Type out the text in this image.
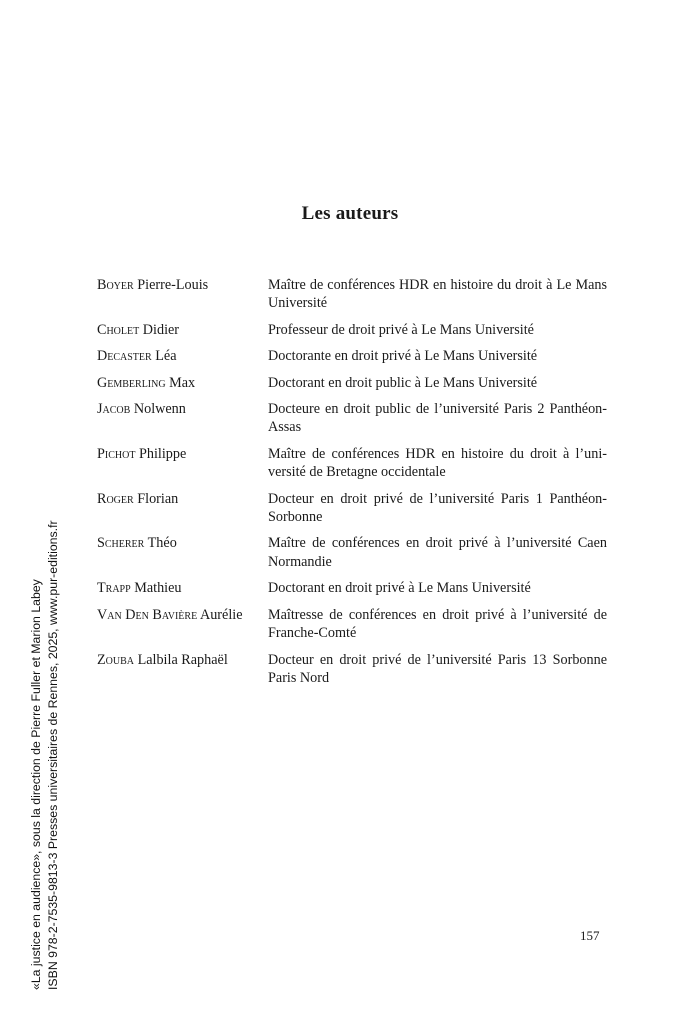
Les auteurs
Boyer Pierre-Louis	Maître de conférences HDR en histoire du droit à Le Mans Université
Cholet Didier	Professeur de droit privé à Le Mans Université
Decaster Léa	Doctorante en droit privé à Le Mans Université
Gemberling Max	Doctorant en droit public à Le Mans Université
Jacob Nolwenn	Docteure en droit public de l’université Paris 2 Panthéon-Assas
Pichot Philippe	Maître de conférences HDR en histoire du droit à l’université de Bretagne occidentale
Roger Florian	Docteur en droit privé de l’université Paris 1 Panthéon-Sorbonne
Scherer Théo	Maître de conférences en droit privé à l’université Caen Normandie
Trapp Mathieu	Doctorant en droit privé à Le Mans Université
Van Den Bavière Aurélie	Maîtresse de conférences en droit privé à l’université de Franche-Comté
Zouba Lalbila Raphaël	Docteur en droit privé de l’université Paris 13 Sorbonne Paris Nord
157
«La justice en audience», sous la direction de Pierre Fuller et Marion Labey ISBN 978-2-7535-9813-3 Presses universitaires de Rennes, 2025, www.pur-editions.fr
